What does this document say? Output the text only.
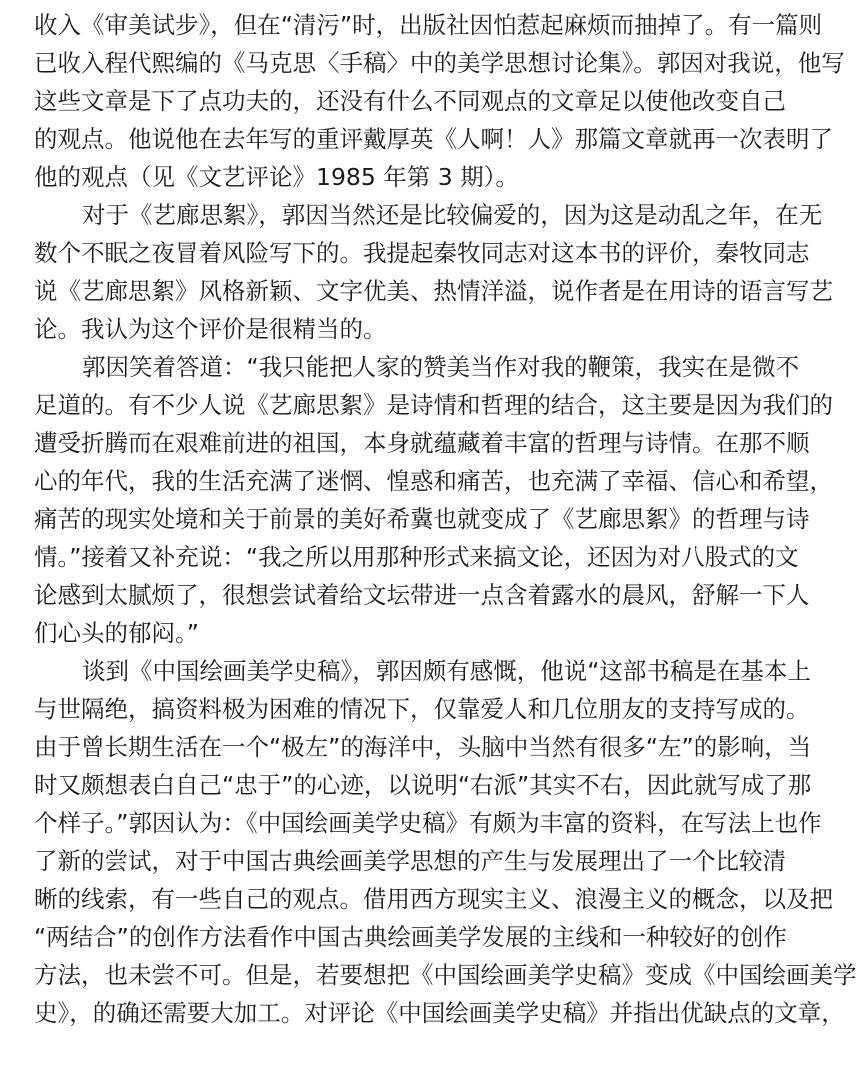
收入《审美试步》，但在“清污”时，出版社因怕惹起麻烦而抽掉了。有一篇则
已收入程代熙编的《马克思〈手稿〉中的美学思想讨论集》。郭因对我说，他写
这些文章是下了点功夫的，还没有什么不同观点的文章足以使他改变自己
的观点。他说他在去年写的重评戴厚英《人啊！人》那篇文章就再一次表明了
他的观点（见《文艺评论》1985 年第 3 期）。
对于《艺廊思絮》，郭因当然还是比较偏爱的，因为这是动乱之年，在无
数个不眠之夜冒着风险写下的。我提起秦牧同志对这本书的评价，秦牧同志
说《艺廊思絮》风格新颖、文字优美、热情洋溢，说作者是在用诗的语言写艺
论。我认为这个评价是很精当的。
郭因笑着答道：“我只能把人家的赞美当作对我的鞭策，我实在是微不
足道的。有不少人说《艺廊思絮》是诗情和哲理的结合，这主要是因为我们的
遭受折腾而在艰难前进的祖国，本身就蕴藏着丰富的哲理与诗情。在那不顺
心的年代，我的生活充满了迷惘、惶惑和痛苦，也充满了幸福、信心和希望，
痛苦的现实处境和关于前景的美好希冀也就变成了《艺廊思絮》的哲理与诗
情。”接着又补充说：“我之所以用那种形式来搞文论，还因为对八股式的文
论感到太腻烦了，很想尝试着给文坛带进一点含着露水的晨风，舒解一下人
们心头的郁闷。”
谈到《中国绘画美学史稿》，郭因颇有感慨，他说“这部书稿是在基本上
与世隔绝，搞资料极为困难的情况下，仅靠爱人和几位朋友的支持写成的。
由于曾长期生活在一个“极左”的海洋中，头脑中当然有很多“左”的影响，当
时又颇想表白自己“忠于”的心迹，以说明“右派”其实不右，因此就写成了那
个样子。”郭因认为：《中国绘画美学史稿》有颇为丰富的资料，在写法上也作
了新的尝试，对于中国古典绘画美学思想的产生与发展理出了一个比较清
晰的线索，有一些自己的观点。借用西方现实主义、浪漫主义的概念，以及把
“两结合”的创作方法看作中国古典绘画美学发展的主线和一种较好的创作
方法，也未尝不可。但是，若要想把《中国绘画美学史稿》变成《中国绘画美学
史》，的确还需要大加工。对评论《中国绘画美学史稿》并指出优缺点的文章，
